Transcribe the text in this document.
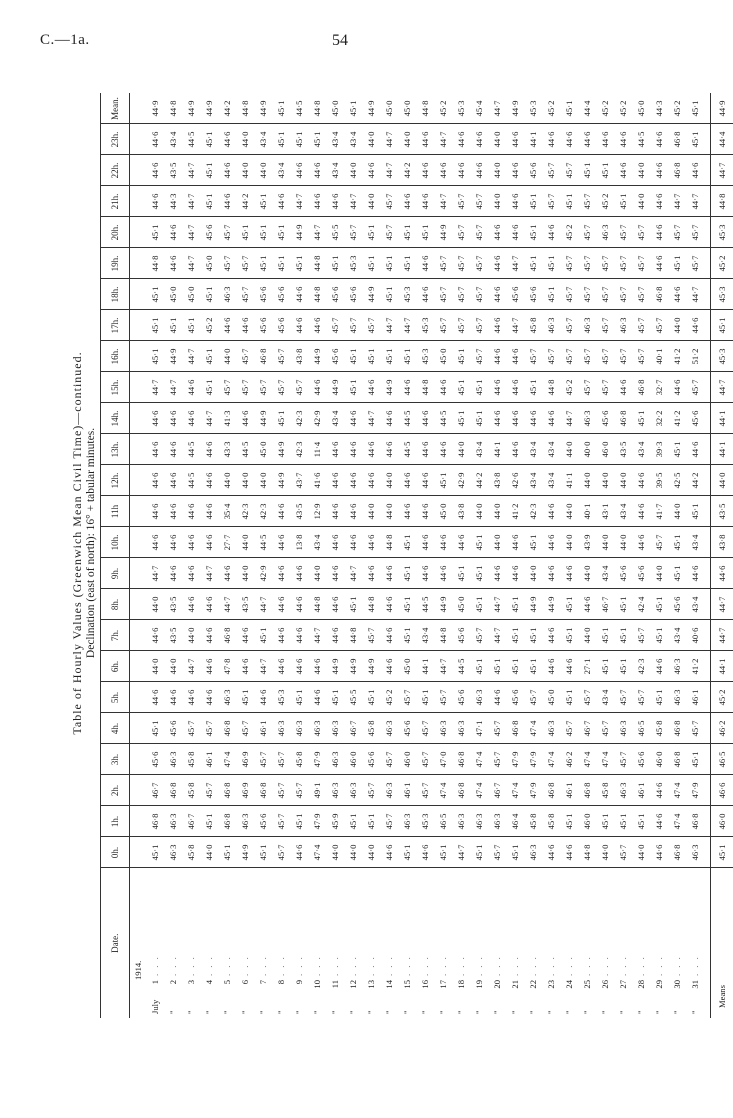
C.—1a.	54
Table of Hourly Values (Greenwich Mean Civil Time)—continued. Declination (east of north): 16° + tabular minutes.
Date.	0h.	1h.	2h.	3h.	4h.	5h.	6h.	7h.	8h.	9h.	10h.	11h	12h.	13h.	14h.	15h.	16h.	17h.	18h.	19h.	20h.	21h.	22h.	23h.	Mean.
1914.																									
July1. . .	45·1	46·8	46·7	45·6	45·1	44·6	44·0	44·6	44·0	44·7	44·6	44·6	44·6	44·6	44·6	44·7	45·1	45·1	45·1	44·8	45·1	44·6	44·6	44·6	44·9
"2. . .	46·3	46·3	46·8	46·3	45·6	44·6	44·0	43·5	43·5	44·6	44·6	44·6	44·6	44·6	44·6	44·7	44·9	45·1	45·0	44·6	44·6	44·3	43·5	43·4	44·8
"3. . .	45·8	46·7	45·8	45·8	45·7	44·6	44·7	44·0	44·6	44·6	44·6	44·6	44·5	44·5	44·6	44·6	44·7	45·1	45·0	44·7	44·7	44·7	44·7	44·5	44·9
"4. . .	44·0	45·1	45·7	46·1	45·7	44·6	44·6	44·6	44·6	44·7	44·6	44·6	44·6	44·6	44·7	45·1	45·1	45·2	45·1	45·0	45·6	45·1	45·1	45·1	44·9
"5. . .	45·1	46·8	46·8	47·4	46·8	46·3	47·8	46·8	44·7	44·6	27·7	35·4	44·0	43·3	41·3	45·7	44·0	44·6	46·3	45·7	45·7	44·6	44·6	44·6	44·2
"6. . .	44·9	46·3	46·9	46·9	45·7	45·1	44·6	44·6	43·5	44·0	44·0	42·3	44·0	44·5	44·6	45·7	45·7	44·6	45·7	45·7	45·1	44·2	44·0	44·0	44·8
"7. . .	45·1	45·6	46·8	45·7	46·1	44·6	44·7	45·1	44·7	42·9	44·5	42·3	44·0	45·0	44·9	45·7	46·8	45·6	45·6	45·1	45·1	45·1	44·0	43·4	44·9
"8. . .	45·7	45·7	45·7	45·7	46·3	45·3	44·6	44·6	44·6	44·6	44·6	44·6	44·9	44·9	45·1	45·7	45·7	45·6	45·6	45·1	45·1	44·6	43·4	45·1	45·1
"9. . .	44·6	45·1	45·7	45·8	46·3	45·1	44·6	44·6	44·6	44·6	13·8	43·5	43·7	42·3	42·3	45·7	43·8	44·6	44·6	45·1	44·9	44·7	44·6	45·1	44·5
"10. . .	47·4	47·9	49·1	47·9	46·3	44·6	44·6	44·7	44·8	44·0	43·4	12·9	41·6	11·4	42·9	44·6	44·9	44·6	44·8	44·8	44·7	44·6	44·6	45·1	44·8
"11. . .	44·0	45·9	46·3	46·3	46·3	45·1	44·9	44·6	44·6	44·6	44·6	44·6	44·6	44·6	43·4	44·9	45·6	45·7	45·6	45·1	45·5	44·6	43·4	43·4	45·0
"12. . .	44·0	45·1	46·3	46·0	46·7	45·5	44·9	44·8	45·1	44·7	44·6	44·6	44·6	44·6	44·6	45·1	45·1	45·7	45·6	45·3	45·7	44·7	44·0	43·4	45·1
"13. . .	44·0	45·1	45·7	45·6	45·8	45·1	44·9	45·7	44·8	44·6	44·6	44·0	44·6	44·6	44·7	44·6	45·1	45·7	44·9	45·1	45·1	44·0	44·6	44·0	44·9
"14. . .	44·6	45·7	46·3	45·7	46·3	45·2	44·6	44·6	44·6	44·6	44·8	44·0	44·0	44·6	44·6	44·9	45·1	44·7	45·1	45·1	45·7	45·7	44·7	44·7	45·0
"15. . .	45·1	46·3	46·1	46·0	45·6	45·7	45·0	45·1	45·1	45·1	45·1	44·6	44·6	44·5	44·5	44·6	45·1	44·7	45·3	45·1	45·1	44·6	44·2	44·0	45·0
"16. . .	44·6	45·3	45·7	45·7	45·7	45·1	44·1	43·4	44·5	44·6	44·6	44·6	44·6	44·6	44·6	44·8	45·3	45·3	44·6	44·6	45·1	44·6	44·6	44·6	44·8
"17. . .	45·1	46·5	47·4	47·0	46·3	45·7	44·7	44·8	44·9	44·6	44·6	45·0	45·1	44·6	44·5	44·6	45·0	45·7	45·7	45·7	44·9	44·7	44·6	44·7	45·2
"18. . .	44·7	46·3	46·8	46·8	46·3	45·6	44·5	45·6	45·0	45·1	44·6	43·8	42·9	44·0	45·1	45·1	45·1	45·7	45·7	45·7	45·7	45·7	44·6	44·6	45·3
"19. . .	45·1	46·3	47·4	47·4	47·1	46·3	45·1	45·7	45·1	45·1	45·1	44·0	44·2	43·4	45·1	45·1	45·7	45·7	45·7	45·7	45·7	45·7	44·6	44·6	45·4
"20. . .	45·7	46·3	46·7	45·7	45·7	44·6	45·1	44·7	44·7	44·6	44·0	44·0	43·8	44·1	44·6	44·6	44·6	44·6	44·6	44·6	44·6	44·0	44·0	44·0	44·7
"21. . .	45·1	46·4	47·4	47·9	46·8	45·6	45·1	45·1	45·1	44·6	44·6	41·2	42·6	44·6	44·6	44·6	44·6	44·7	45·6	44·7	44·6	44·6	44·6	44·6	44·9
"22. . .	46·3	45·8	47·9	47·9	47·4	45·7	45·1	45·1	44·9	44·0	45·1	42·3	43·4	43·4	44·6	45·1	45·7	45·8	45·6	45·1	45·1	45·1	45·6	44·1	45·3
"23. . .	44·6	45·8	46·8	47·4	46·3	45·0	44·6	44·6	44·9	44·6	44·6	44·6	43·4	43·4	44·6	44·8	45·7	46·3	45·1	45·1	44·6	45·7	45·7	44·6	45·2
"24. . .	44·6	45·1	46·1	46·2	45·7	45·1	44·6	45·1	45·1	44·6	44·0	44·0	41·1	44·0	44·7	45·2	45·7	45·7	45·7	45·7	45·2	45·1	45·7	44·6	45·1
"25. . .	44·8	46·0	46·8	47·4	46·7	45·7	27·1	44·0	44·6	44·0	43·9	40·1	44·0	40·0	46·3	45·7	45·7	46·3	45·7	45·7	45·7	45·7	45·1	44·6	44·4
"26. . .	44·0	45·1	45·8	47·4	45·7	43·4	45·1	45·1	46·7	43·4	44·0	43·1	44·0	46·0	45·6	45·7	45·7	45·7	45·7	45·7	46·3	45·2	45·1	44·6	45·2
"27. . .	45·7	45·1	46·3	45·7	46·3	45·7	45·1	45·1	45·1	45·6	44·0	43·4	44·0	43·5	46·8	44·6	45·7	46·3	45·7	45·7	45·7	45·1	44·6	44·6	45·2
"28. . .	44·0	45·1	46·1	45·6	46·5	45·7	42·3	45·7	42·4	45·6	44·6	44·6	44·6	43·4	45·1	46·8	45·7	45·7	45·7	45·7	45·7	44·0	44·0	44·5	45·0
"29. . .	44·6	44·6	44·6	46·0	45·8	45·1	44·6	45·1	45·1	44·0	45·7	41·7	39·5	39·3	32·2	32·7	40·1	45·7	46·8	44·6	44·6	44·6	44·6	44·6	44·3
"30. . .	46·8	47·4	47·4	46·8	46·8	46·3	46·3	43·4	45·6	45·1	45·1	44·0	42·5	45·1	41·2	44·6	41·2	44·0	44·6	45·1	45·7	44·7	46·8	46·8	45·2
"31. . .	46·3	46·8	47·9	45·1	45·7	46·1	41·2	40·6	43·4	44·6	43·4	45·1	44·2	44·6	45·6	45·7	51·2	44·6	44·7	45·7	45·7	44·7	44·6	45·1	45·1

Means	45·1	46·0	46·6	46·5	46·2	45·2	44·1	44·7	44·7	44·6	43·8	43·5	44·0	44·1	44·1	44·7	45·3	45·1	45·3	45·2	45·3	44·8	44·7	44·4	44·9
